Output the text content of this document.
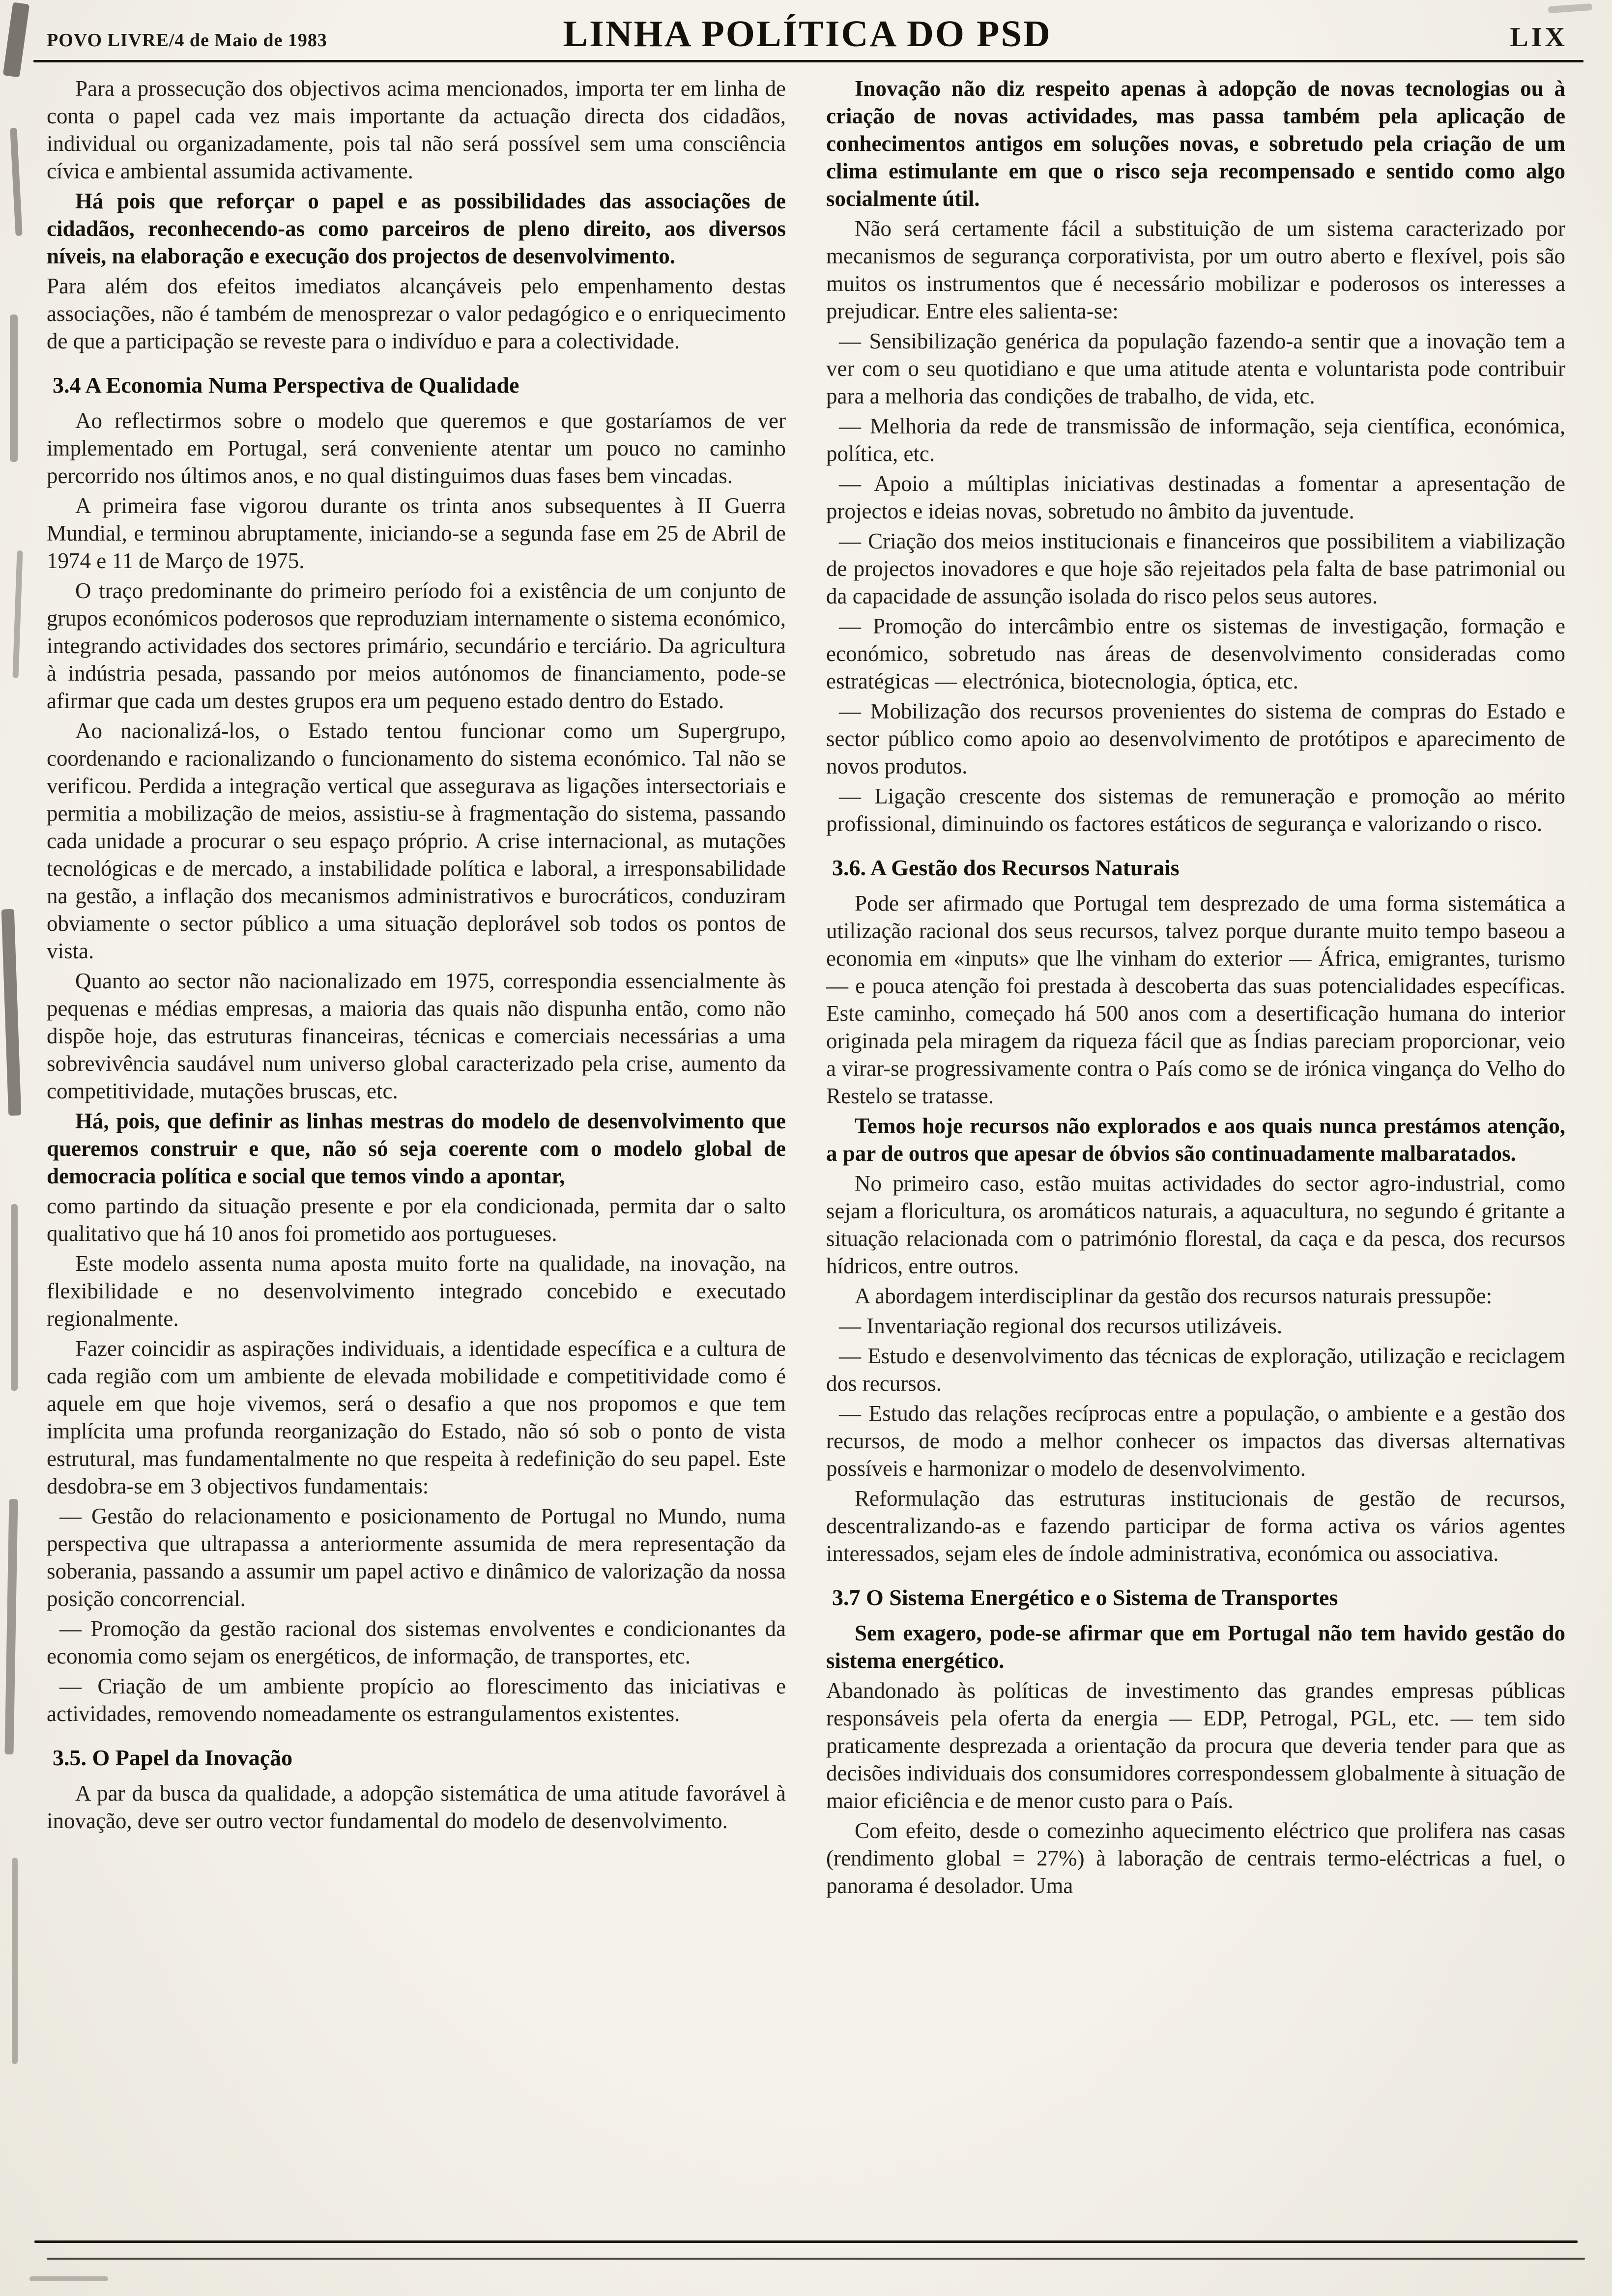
POVO LIVRE/4 de Maio de 1983	LINHA POLÍTICA DO PSD	LIX

Para a prossecução dos objectivos acima mencionados, importa ter em linha de conta o papel cada vez mais importante da actuação directa dos cidadãos, individual ou organizadamente, pois tal não será possível sem uma consciência cívica e ambiental assumida activamente.

Há pois que reforçar o papel e as possibilidades das associações de cidadãos, reconhecendo-as como parceiros de pleno direito, aos diversos níveis, na elaboração e execução dos projectos de desenvolvimento.

Para além dos efeitos imediatos alcançáveis pelo empenhamento destas associações, não é também de menosprezar o valor pedagógico e o enriquecimento de que a participação se reveste para o indivíduo e para a colectividade.

3.4 A Economia Numa Perspectiva de Qualidade

Ao reflectirmos sobre o modelo que queremos e que gostaríamos de ver implementado em Portugal, será conveniente atentar um pouco no caminho percorrido nos últimos anos, e no qual distinguimos duas fases bem vincadas.

A primeira fase vigorou durante os trinta anos subsequentes à II Guerra Mundial, e terminou abruptamente, iniciando-se a segunda fase em 25 de Abril de 1974 e 11 de Março de 1975.

O traço predominante do primeiro período foi a existência de um conjunto de grupos económicos poderosos que reproduziam internamente o sistema económico, integrando actividades dos sectores primário, secundário e terciário. Da agricultura à indústria pesada, passando por meios autónomos de financiamento, pode-se afirmar que cada um destes grupos era um pequeno estado dentro do Estado.

Ao nacionalizá-los, o Estado tentou funcionar como um Supergrupo, coordenando e racionalizando o funcionamento do sistema económico. Tal não se verificou. Perdida a integração vertical que assegurava as ligações intersectoriais e permitia a mobilização de meios, assistiu-se à fragmentação do sistema, passando cada unidade a procurar o seu espaço próprio. A crise internacional, as mutações tecnológicas e de mercado, a instabilidade política e laboral, a irresponsabilidade na gestão, a inflação dos mecanismos administrativos e burocráticos, conduziram obviamente o sector público a uma situação deplorável sob todos os pontos de vista.

Quanto ao sector não nacionalizado em 1975, correspondia essencialmente às pequenas e médias empresas, a maioria das quais não dispunha então, como não dispõe hoje, das estruturas financeiras, técnicas e comerciais necessárias a uma sobrevivência saudável num universo global caracterizado pela crise, aumento da competitividade, mutações bruscas, etc.

Há, pois, que definir as linhas mestras do modelo de desenvolvimento que queremos construir e que, não só seja coerente com o modelo global de democracia política e social que temos vindo a apontar,

como partindo da situação presente e por ela condicionada, permita dar o salto qualitativo que há 10 anos foi prometido aos portugueses.

Este modelo assenta numa aposta muito forte na qualidade, na inovação, na flexibilidade e no desenvolvimento integrado concebido e executado regionalmente.

Fazer coincidir as aspirações individuais, a identidade específica e a cultura de cada região com um ambiente de elevada mobilidade e competitividade como é aquele em que hoje vivemos, será o desafio a que nos propomos e que tem implícita uma profunda reorganização do Estado, não só sob o ponto de vista estrutural, mas fundamentalmente no que respeita à redefinição do seu papel. Este desdobra-se em 3 objectivos fundamentais:

— Gestão do relacionamento e posicionamento de Portugal no Mundo, numa perspectiva que ultrapassa a anteriormente assumida de mera representação da soberania, passando a assumir um papel activo e dinâmico de valorização da nossa posição concorrencial.

— Promoção da gestão racional dos sistemas envolventes e condicionantes da economia como sejam os energéticos, de informação, de transportes, etc.

— Criação de um ambiente propício ao florescimento das iniciativas e actividades, removendo nomeadamente os estrangulamentos existentes.

3.5. O Papel da Inovação

A par da busca da qualidade, a adopção sistemática de uma atitude favorável à inovação, deve ser outro vector fundamental do modelo de desenvolvimento.

Inovação não diz respeito apenas à adopção de novas tecnologias ou à criação de novas actividades, mas passa também pela aplicação de conhecimentos antigos em soluções novas, e sobretudo pela criação de um clima estimulante em que o risco seja recompensado e sentido como algo socialmente útil.

Não será certamente fácil a substituição de um sistema caracterizado por mecanismos de segurança corporativista, por um outro aberto e flexível, pois são muitos os instrumentos que é necessário mobilizar e poderosos os interesses a prejudicar. Entre eles salienta-se:

— Sensibilização genérica da população fazendo-a sentir que a inovação tem a ver com o seu quotidiano e que uma atitude atenta e voluntarista pode contribuir para a melhoria das condições de trabalho, de vida, etc.

— Melhoria da rede de transmissão de informação, seja científica, económica, política, etc.

— Apoio a múltiplas iniciativas destinadas a fomentar a apresentação de projectos e ideias novas, sobretudo no âmbito da juventude.

— Criação dos meios institucionais e financeiros que possibilitem a viabilização de projectos inovadores e que hoje são rejeitados pela falta de base patrimonial ou da capacidade de assunção isolada do risco pelos seus autores.

— Promoção do intercâmbio entre os sistemas de investigação, formação e económico, sobretudo nas áreas de desenvolvimento consideradas como estratégicas — electrónica, biotecnologia, óptica, etc.

— Mobilização dos recursos provenientes do sistema de compras do Estado e sector público como apoio ao desenvolvimento de protótipos e aparecimento de novos produtos.

— Ligação crescente dos sistemas de remuneração e promoção ao mérito profissional, diminuindo os factores estáticos de segurança e valorizando o risco.

3.6. A Gestão dos Recursos Naturais

Pode ser afirmado que Portugal tem desprezado de uma forma sistemática a utilização racional dos seus recursos, talvez porque durante muito tempo baseou a economia em «inputs» que lhe vinham do exterior — África, emigrantes, turismo — e pouca atenção foi prestada à descoberta das suas potencialidades específicas. Este caminho, começado há 500 anos com a desertificação humana do interior originada pela miragem da riqueza fácil que as Índias pareciam proporcionar, veio a virar-se progressivamente contra o País como se de irónica vingança do Velho do Restelo se tratasse.

Temos hoje recursos não explorados e aos quais nunca prestámos atenção, a par de outros que apesar de óbvios são continuadamente malbaratados.

No primeiro caso, estão muitas actividades do sector agro-industrial, como sejam a floricultura, os aromáticos naturais, a aquacultura, no segundo é gritante a situação relacionada com o património florestal, da caça e da pesca, dos recursos hídricos, entre outros.

A abordagem interdisciplinar da gestão dos recursos naturais pressupõe:

— Inventariação regional dos recursos utilizáveis.

— Estudo e desenvolvimento das técnicas de exploração, utilização e reciclagem dos recursos.

— Estudo das relações recíprocas entre a população, o ambiente e a gestão dos recursos, de modo a melhor conhecer os impactos das diversas alternativas possíveis e harmonizar o modelo de desenvolvimento.

Reformulação das estruturas institucionais de gestão de recursos, descentralizando-as e fazendo participar de forma activa os vários agentes interessados, sejam eles de índole administrativa, económica ou associativa.

3.7 O Sistema Energético e o Sistema de Transportes

Sem exagero, pode-se afirmar que em Portugal não tem havido gestão do sistema energético.

Abandonado às políticas de investimento das grandes empresas públicas responsáveis pela oferta da energia — EDP, Petrogal, PGL, etc. — tem sido praticamente desprezada a orientação da procura que deveria tender para que as decisões individuais dos consumidores correspondessem globalmente à situação de maior eficiência e de menor custo para o País.

Com efeito, desde o comezinho aquecimento eléctrico que prolifera nas casas (rendimento global = 27%) à laboração de centrais termo-eléctricas a fuel, o panorama é desolador. Uma
